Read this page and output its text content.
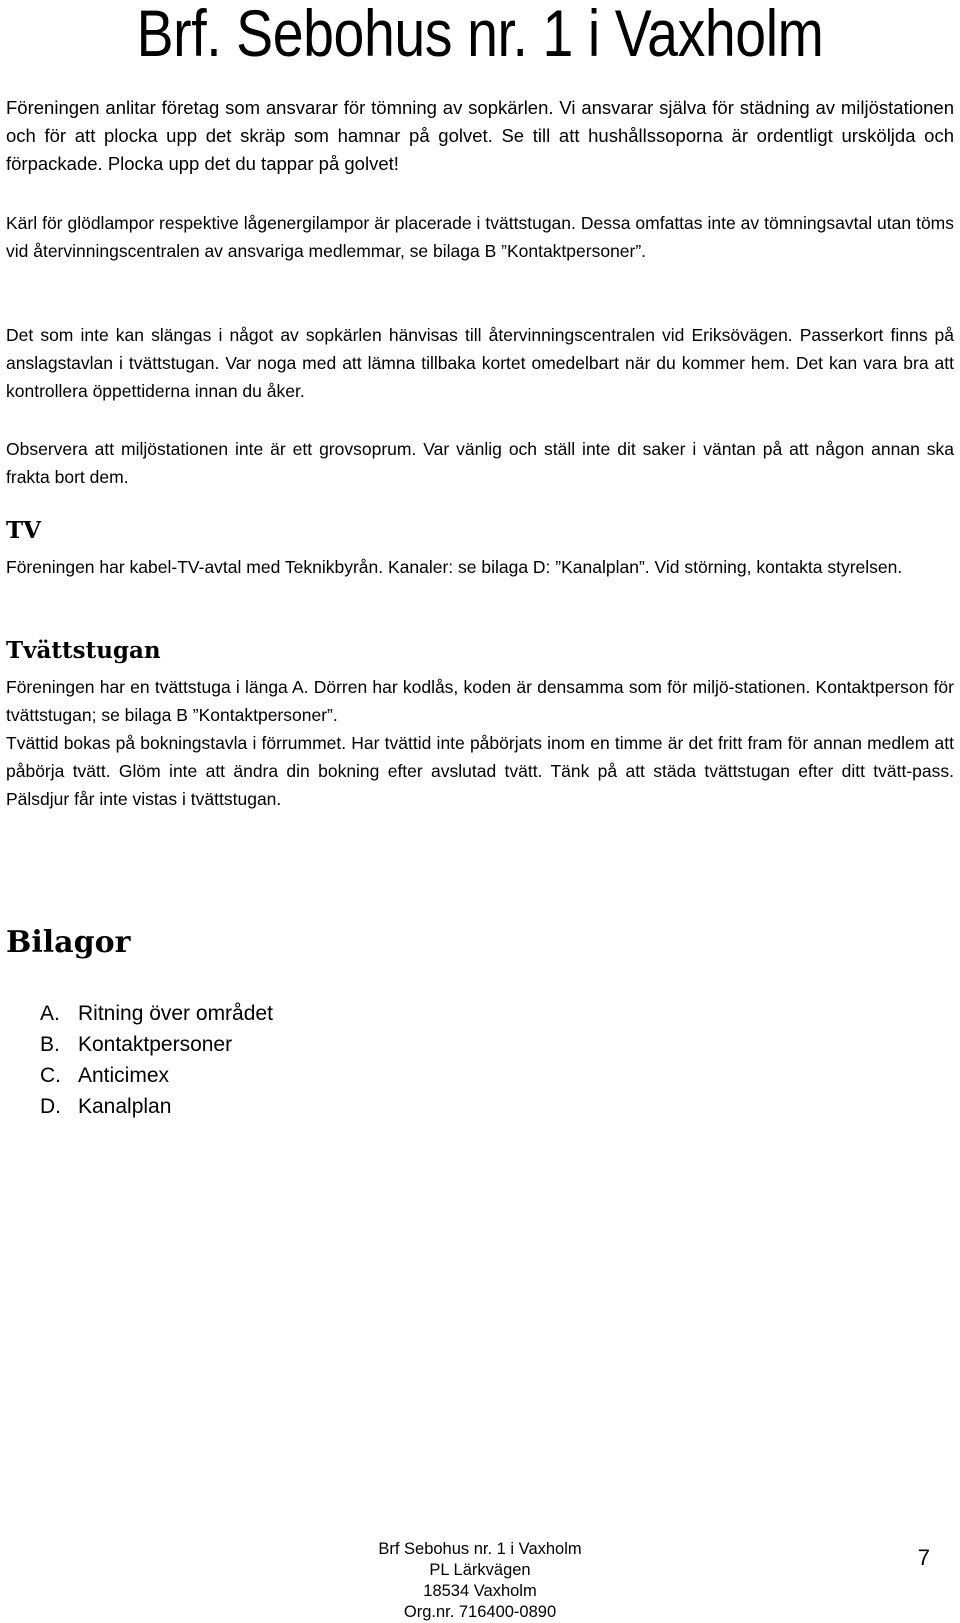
Brf. Sebohus nr. 1 i Vaxholm

Föreningen anlitar företag som ansvarar för tömning av sopkärlen. Vi ansvarar själva för städning av miljöstationen och för att plocka upp det skräp som hamnar på golvet. Se till att hushållssoporna är ordentligt ursköljda och förpackade. Plocka upp det du tappar på golvet!

Kärl för glödlampor respektive lågenergilampor är placerade i tvättstugan. Dessa omfattas inte av tömningsavtal utan töms vid återvinningscentralen av ansvariga medlemmar, se bilaga B ”Kontaktpersoner”.

Det som inte kan slängas i något av sopkärlen hänvisas till återvinningscentralen vid Eriksövägen. Passerkort finns på anslagstavlan i tvättstugan. Var noga med att lämna tillbaka kortet omedelbart när du kommer hem. Det kan vara bra att kontrollera öppettiderna innan du åker.

Observera att miljöstationen inte är ett grovsoprum. Var vänlig och ställ inte dit saker i väntan på att någon annan ska frakta bort dem.

TV

Föreningen har kabel-TV-avtal med Teknikbyrån. Kanaler: se bilaga D: ”Kanalplan”. Vid störning, kontakta styrelsen.

Tvättstugan

Föreningen har en tvättstuga i länga A. Dörren har kodlås, koden är densamma som för miljö-stationen. Kontaktperson för tvättstugan; se bilaga B ”Kontaktpersoner”.

Tvättid bokas på bokningstavla i förrummet. Har tvättid inte påbörjats inom en timme är det fritt fram för annan medlem att påbörja tvätt. Glöm inte att ändra din bokning efter avslutad tvätt. Tänk på att städa tvättstugan efter ditt tvätt-pass. Pälsdjur får inte vistas i tvättstugan.

Bilagor
A. Ritning över området
B. Kontaktpersoner
C. Anticimex
D. Kanalplan
Brf Sebohus nr. 1 i Vaxholm
PL Lärkvägen
18534 Vaxholm
Org.nr. 716400-0890
7
